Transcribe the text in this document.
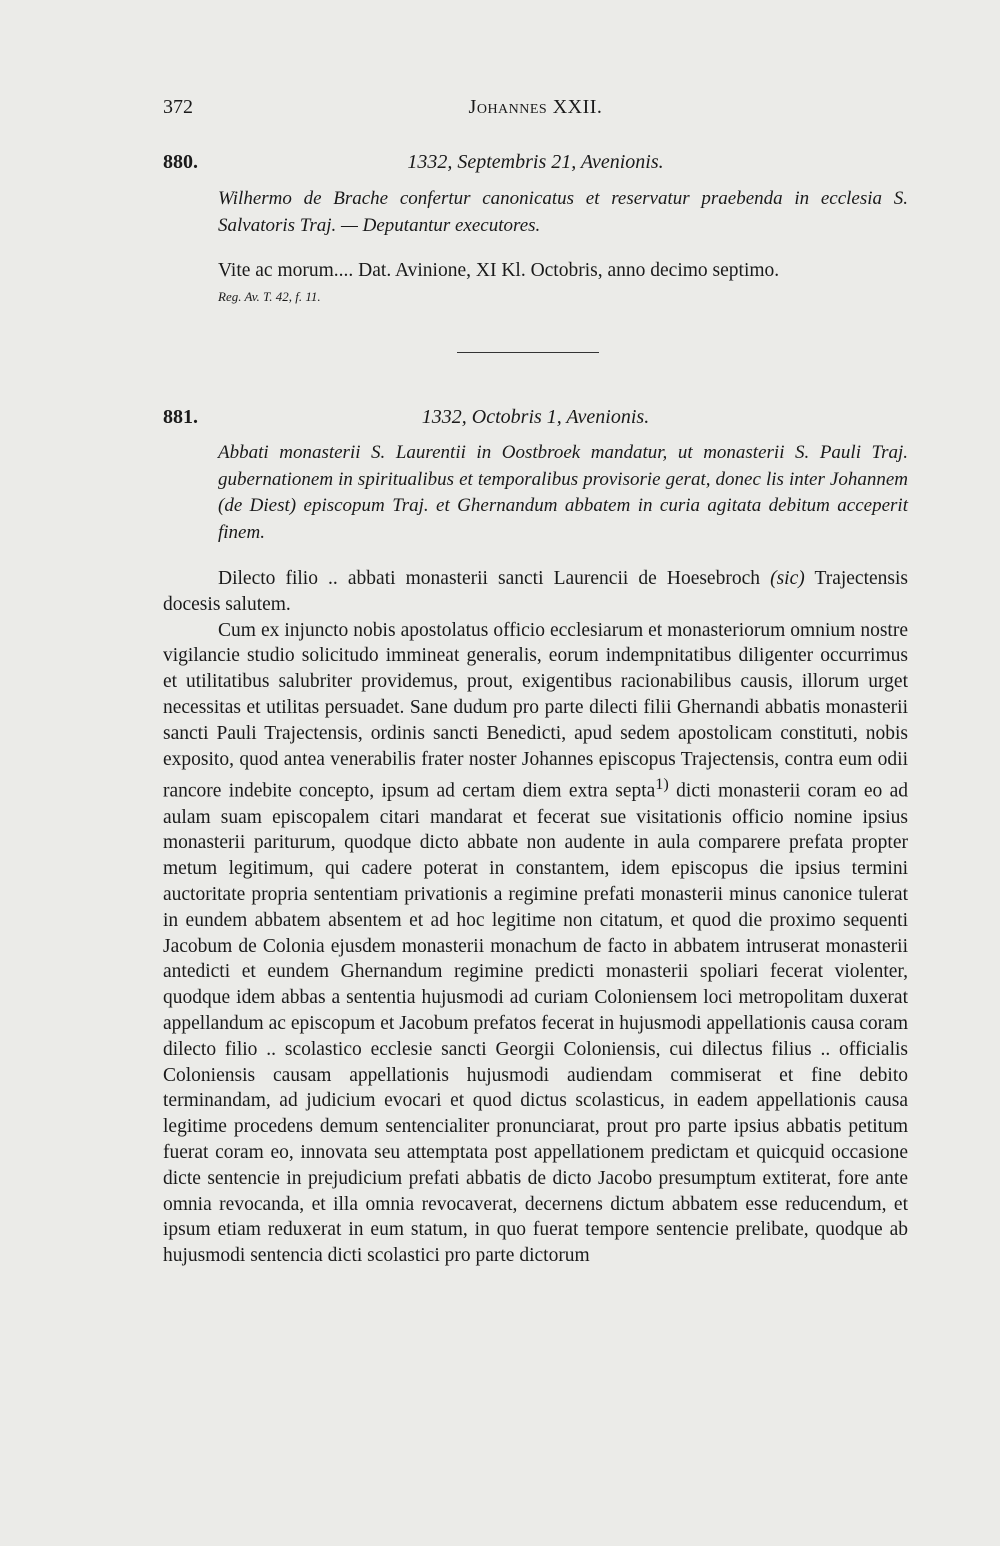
372	Johannes XXII.
880.	1332, Septembris 21, Avenionis.
Wilhermo de Brache confertur canonicatus et reservatur praebenda in ecclesia S. Salvatoris Traj. — Deputantur executores.
Vite ac morum.... Dat. Avinione, XI Kl. Octobris, anno decimo septimo.
Reg. Av. T. 42, f. 11.
881.	1332, Octobris 1, Avenionis.
Abbati monasterii S. Laurentii in Oostbroek mandatur, ut monasterii S. Pauli Traj. gubernationem in spiritualibus et temporalibus provisorie gerat, donec lis inter Johannem (de Diest) episcopum Traj. et Ghernandum abbatem in curia agitata debitum acceperit finem.

Dilecto filio .. abbati monasterii sancti Laurencii de Hoesebroch (sic) Trajectensis docesis salutem.

Cum ex injuncto nobis apostolatus officio ecclesiarum et monasteriorum omnium nostre vigilancie studio solicitudo immineat generalis, eorum indempnitatibus diligenter occurrimus et utilitatibus salubriter providemus, prout, exigentibus racionabilibus causis, illorum urget necessitas et utilitas persuadet. Sane dudum pro parte dilecti filii Ghernandi abbatis monasterii sancti Pauli Trajectensis, ordinis sancti Benedicti, apud sedem apostolicam constituti, nobis exposito, quod antea venerabilis frater noster Johannes episcopus Trajectensis, contra eum odii rancore indebite concepto, ipsum ad certam diem extra septa$^{1)}$ dicti monasterii coram eo ad aulam suam episcopalem citari mandarat et fecerat sue visitationis officio nomine ipsius monasterii pariturum, quodque dicto abbate non audente in aula comparere prefata propter metum legitimum, qui cadere poterat in constantem, idem episcopus die ipsius termini auctoritate propria sententiam privationis a regimine prefati monasterii minus canonice tulerat in eundem abbatem absentem et ad hoc legitime non citatum, et quod die proximo sequenti Jacobum de Colonia ejusdem monasterii monachum de facto in abbatem intruserat monasterii antedicti et eundem Ghernandum regimine predicti monasterii spoliari fecerat violenter, quodque idem abbas a sententia hujusmodi ad curiam Coloniensem loci metropolitam duxerat appellandum ac episcopum et Jacobum prefatos fecerat in hujusmodi appellationis causa coram dilecto filio .. scolastico ecclesie sancti Georgii Coloniensis, cui dilectus filius .. officialis Coloniensis causam appellationis hujusmodi audiendam commiserat et fine debito terminandam, ad judicium evocari et quod dictus scolasticus, in eadem appellationis causa legitime procedens demum sentencialiter pronunciarat, prout pro parte ipsius abbatis petitum fuerat coram eo, innovata seu attemptata post appellationem predictam et quicquid occasione dicte sentencie in prejudicium prefati abbatis de dicto Jacobo presumptum extiterat, fore ante omnia revocanda, et illa omnia revocaverat, decernens dictum abbatem esse reducendum, et ipsum etiam reduxerat in eum statum, in quo fuerat tempore sentencie prelibate, quodque ab hujusmodi sentencia dicti scolastici pro parte dictorum
